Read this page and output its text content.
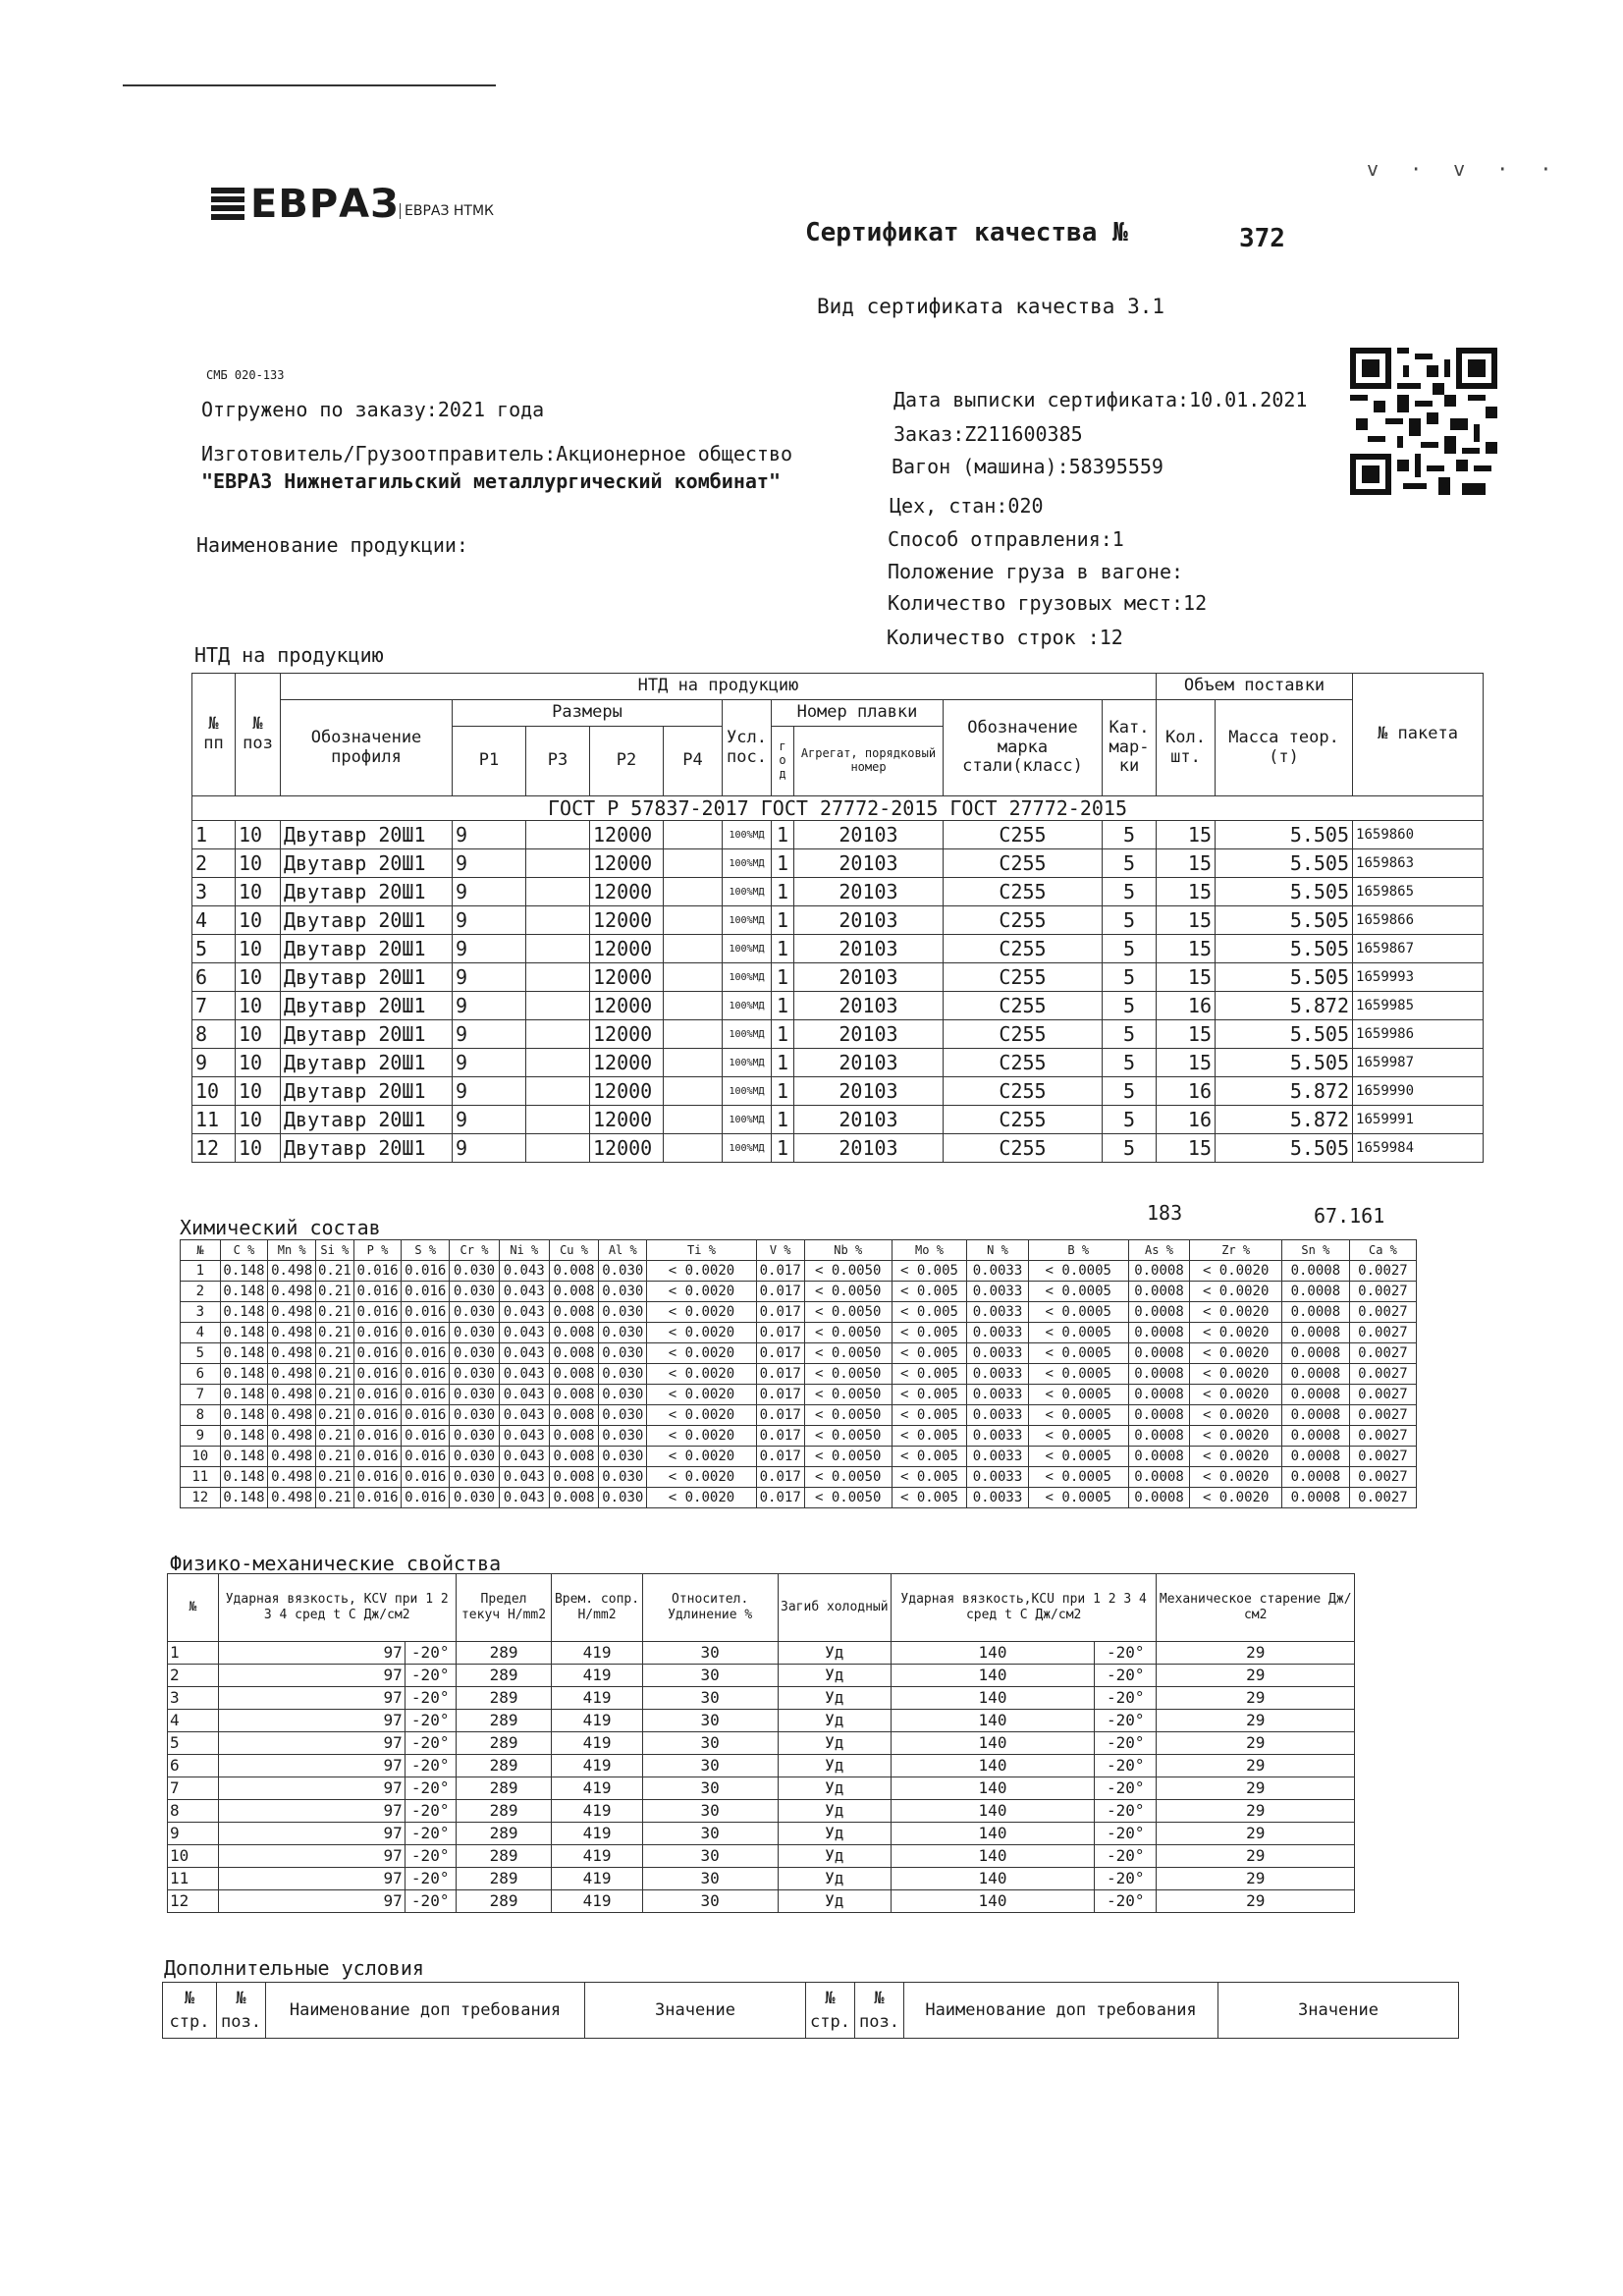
ЕВРАЗ ЕВРАЗ НТМК
v · v · ·
Сертификат качества №	372
Вид сертификата качества 3.1
СМБ 020-133
Отгружено по заказу:2021 года
Изготовитель/Грузоотправитель:Акционерное общество
"ЕВРАЗ Нижнетагильский металлургический комбинат"
Наименование продукции:
НТД на продукцию
Дата выписки сертификата:10.01.2021
Заказ:Z211600385
Вагон (машина):58395559
Цех, стан:020
Способ отправления:1
Положение груза в вагоне:
Количество грузовых мест:12
Количество строк :12
№ пп	№ поз	НТД на продукцию										Объем поставки		№ пакета
		Обозначение профиля	Размеры				Усл. пос.	Номер плавки		Обозначение марка стали(класс)	Кат. мар- ки	Кол. шт.	Масса теор. (т)	
			Р1	Р3	Р2	Р4		г о д	Агрегат, порядковый номер					
ГОСТ Р 57837-2017 ГОСТ 27772-2015 ГОСТ 27772-2015														
1	10	Двутавр 20Ш1	9		12000		100%МД	1	20103	C255	5	15	5.505	1659860
2	10	Двутавр 20Ш1	9		12000		100%МД	1	20103	C255	5	15	5.505	1659863
3	10	Двутавр 20Ш1	9		12000		100%МД	1	20103	C255	5	15	5.505	1659865
4	10	Двутавр 20Ш1	9		12000		100%МД	1	20103	C255	5	15	5.505	1659866
5	10	Двутавр 20Ш1	9		12000		100%МД	1	20103	C255	5	15	5.505	1659867
6	10	Двутавр 20Ш1	9		12000		100%МД	1	20103	C255	5	15	5.505	1659993
7	10	Двутавр 20Ш1	9		12000		100%МД	1	20103	C255	5	16	5.872	1659985
8	10	Двутавр 20Ш1	9		12000		100%МД	1	20103	C255	5	15	5.505	1659986
9	10	Двутавр 20Ш1	9		12000		100%МД	1	20103	C255	5	15	5.505	1659987
10	10	Двутавр 20Ш1	9		12000		100%МД	1	20103	C255	5	16	5.872	1659990
11	10	Двутавр 20Ш1	9		12000		100%МД	1	20103	C255	5	16	5.872	1659991
12	10	Двутавр 20Ш1	9		12000		100%МД	1	20103	C255	5	15	5.505	1659984
183	67.161
Химический состав
№	C %	Mn %	Si %	P %	S %	Cr %	Ni %	Cu %	Al %	Ti %	V %	Nb %	Mo %	N %	B %	As %	Zr %	Sn %	Ca %
1	0.148	0.498	0.21	0.016	0.016	0.030	0.043	0.008	0.030	< 0.0020	0.017	< 0.0050	< 0.005	0.0033	< 0.0005	0.0008	< 0.0020	0.0008	0.0027
2	0.148	0.498	0.21	0.016	0.016	0.030	0.043	0.008	0.030	< 0.0020	0.017	< 0.0050	< 0.005	0.0033	< 0.0005	0.0008	< 0.0020	0.0008	0.0027
3	0.148	0.498	0.21	0.016	0.016	0.030	0.043	0.008	0.030	< 0.0020	0.017	< 0.0050	< 0.005	0.0033	< 0.0005	0.0008	< 0.0020	0.0008	0.0027
4	0.148	0.498	0.21	0.016	0.016	0.030	0.043	0.008	0.030	< 0.0020	0.017	< 0.0050	< 0.005	0.0033	< 0.0005	0.0008	< 0.0020	0.0008	0.0027
5	0.148	0.498	0.21	0.016	0.016	0.030	0.043	0.008	0.030	< 0.0020	0.017	< 0.0050	< 0.005	0.0033	< 0.0005	0.0008	< 0.0020	0.0008	0.0027
6	0.148	0.498	0.21	0.016	0.016	0.030	0.043	0.008	0.030	< 0.0020	0.017	< 0.0050	< 0.005	0.0033	< 0.0005	0.0008	< 0.0020	0.0008	0.0027
7	0.148	0.498	0.21	0.016	0.016	0.030	0.043	0.008	0.030	< 0.0020	0.017	< 0.0050	< 0.005	0.0033	< 0.0005	0.0008	< 0.0020	0.0008	0.0027
8	0.148	0.498	0.21	0.016	0.016	0.030	0.043	0.008	0.030	< 0.0020	0.017	< 0.0050	< 0.005	0.0033	< 0.0005	0.0008	< 0.0020	0.0008	0.0027
9	0.148	0.498	0.21	0.016	0.016	0.030	0.043	0.008	0.030	< 0.0020	0.017	< 0.0050	< 0.005	0.0033	< 0.0005	0.0008	< 0.0020	0.0008	0.0027
10	0.148	0.498	0.21	0.016	0.016	0.030	0.043	0.008	0.030	< 0.0020	0.017	< 0.0050	< 0.005	0.0033	< 0.0005	0.0008	< 0.0020	0.0008	0.0027
11	0.148	0.498	0.21	0.016	0.016	0.030	0.043	0.008	0.030	< 0.0020	0.017	< 0.0050	< 0.005	0.0033	< 0.0005	0.0008	< 0.0020	0.0008	0.0027
12	0.148	0.498	0.21	0.016	0.016	0.030	0.043	0.008	0.030	< 0.0020	0.017	< 0.0050	< 0.005	0.0033	< 0.0005	0.0008	< 0.0020	0.0008	0.0027
Физико-механические свойства
№	Ударная вязкость, KCV при 1 2 3 4 сред t C Дж/см2		Предел текуч Н/mm2	Врем. сопр. Н/mm2	Относител. Удлинение %	Загиб холодный	Ударная вязкость,KCU при 1 2 3 4 сред t C Дж/см2		Механическое старение Дж/см2
1	97	-20°	289	419	30	Уд	140	-20°	29
2	97	-20°	289	419	30	Уд	140	-20°	29
3	97	-20°	289	419	30	Уд	140	-20°	29
4	97	-20°	289	419	30	Уд	140	-20°	29
5	97	-20°	289	419	30	Уд	140	-20°	29
6	97	-20°	289	419	30	Уд	140	-20°	29
7	97	-20°	289	419	30	Уд	140	-20°	29
8	97	-20°	289	419	30	Уд	140	-20°	29
9	97	-20°	289	419	30	Уд	140	-20°	29
10	97	-20°	289	419	30	Уд	140	-20°	29
11	97	-20°	289	419	30	Уд	140	-20°	29
12	97	-20°	289	419	30	Уд	140	-20°	29
Дополнительные условия
№ стр.	№ поз.	Наименование доп требования	Значение	№ стр.	№ поз.	Наименование доп требования	Значение
